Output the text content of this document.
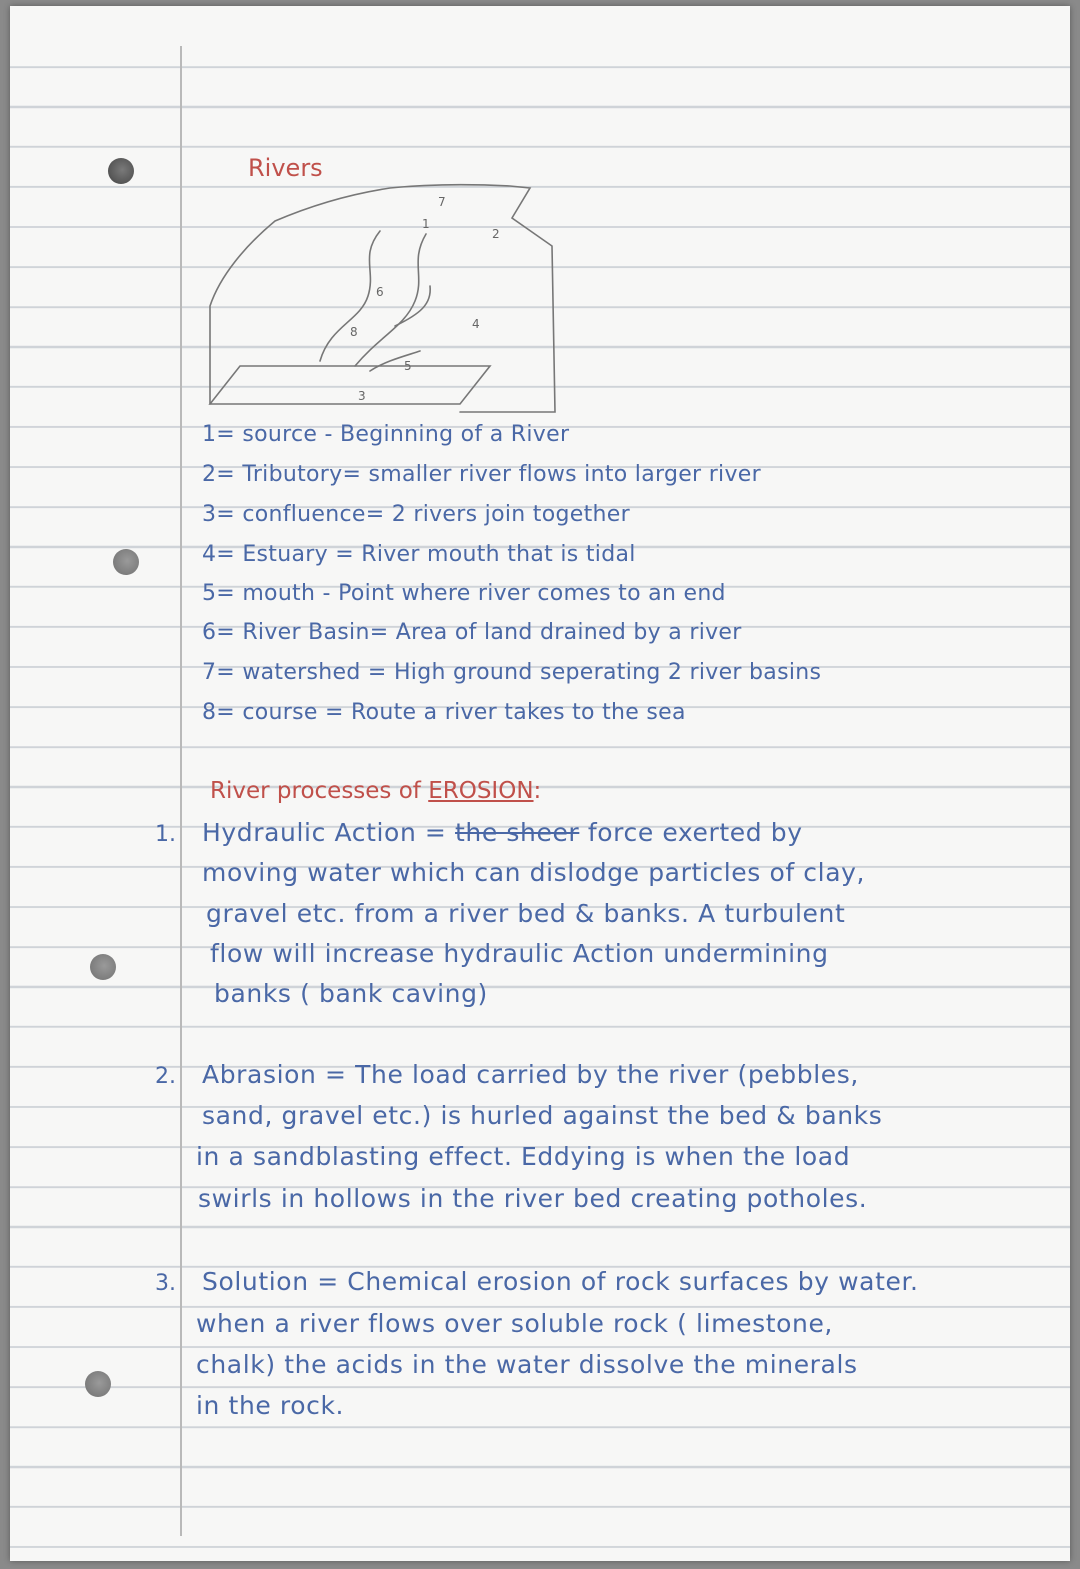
Rivers
7
1
2
4
6
8
5
3
1= source - Beginning of a River
2= Tributory= smaller river flows into larger river
3= confluence= 2 rivers join together
4= Estuary = River mouth that is tidal
5= mouth - Point where river comes to an end
6= River Basin= Area of land drained by a river
7= watershed = High ground seperating 2 river basins
8= course = Route a river takes to the sea
River processes of EROSION:
1. Hydraulic Action = the sheer force exerted by
moving water which can dislodge particles of clay,
gravel etc. from a river bed & banks. A turbulent
flow will increase hydraulic Action undermining
banks ( bank caving)
2. Abrasion = The load carried by the river (pebbles,
sand, gravel etc.) is hurled against the bed & banks
in a sandblasting effect. Eddying is when the load
swirls in hollows in the river bed creating potholes.
3. Solution = Chemical erosion of rock surfaces by water.
when a river flows over soluble rock ( limestone,
chalk) the acids in the water dissolve the minerals
in the rock.
